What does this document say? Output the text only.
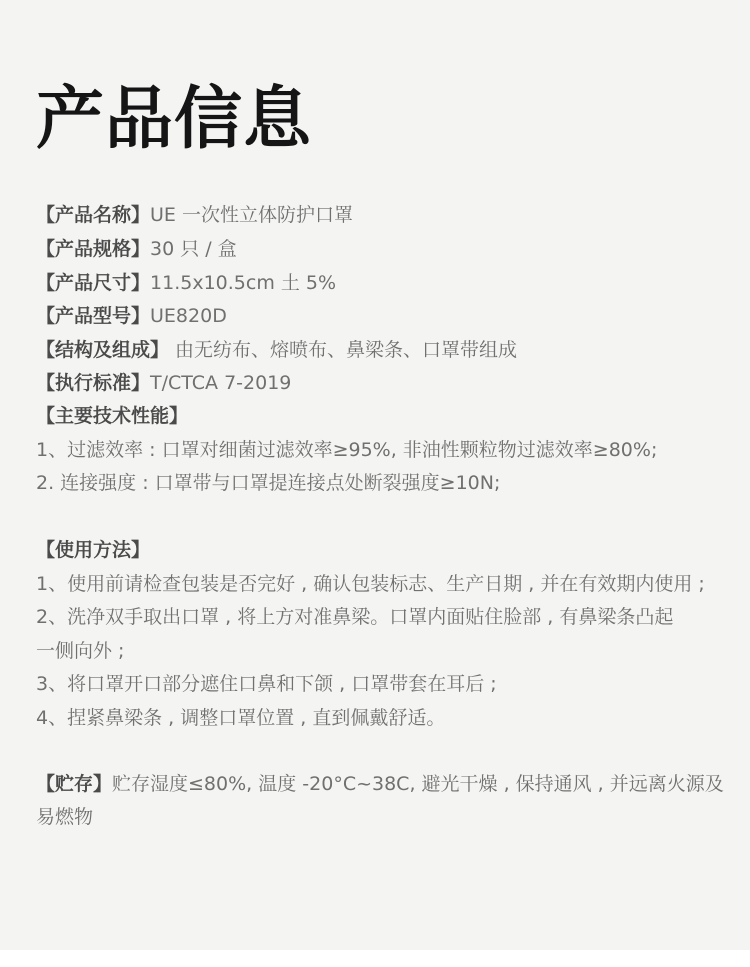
产品信息
【产品名称】UE 一次性立体防护口罩
【产品规格】30 只 / 盒
【产品尺寸】11.5x10.5cm 土 5%
【产品型号】UE820D
【结构及组成】 由无纺布、熔喷布、鼻梁条、口罩带组成
【执行标准】T/CTCA 7-2019
【主要技术性能】
1、过滤效率 : 口罩对细菌过滤效率≥95%, 非油性颗粒物过滤效率≥80%;
2. 连接强度 : 口罩带与口罩提连接点处断裂强度≥10N;
【使用方法】
1、使用前请检查包装是否完好 , 确认包装标志、生产日期 , 并在有效期内使用 ;
2、洗净双手取出口罩 , 将上方对准鼻梁。口罩内面贴住脸部 , 有鼻梁条凸起
一侧向外 ;
3、将口罩开口部分遮住口鼻和下颌 , 口罩带套在耳后 ;
4、捏紧鼻梁条 , 调整口罩位置 , 直到佩戴舒适。
【贮存】贮存湿度≤80%, 温度 -20°C~38C, 避光干燥 , 保持通风 , 并远离火源及
易燃物
